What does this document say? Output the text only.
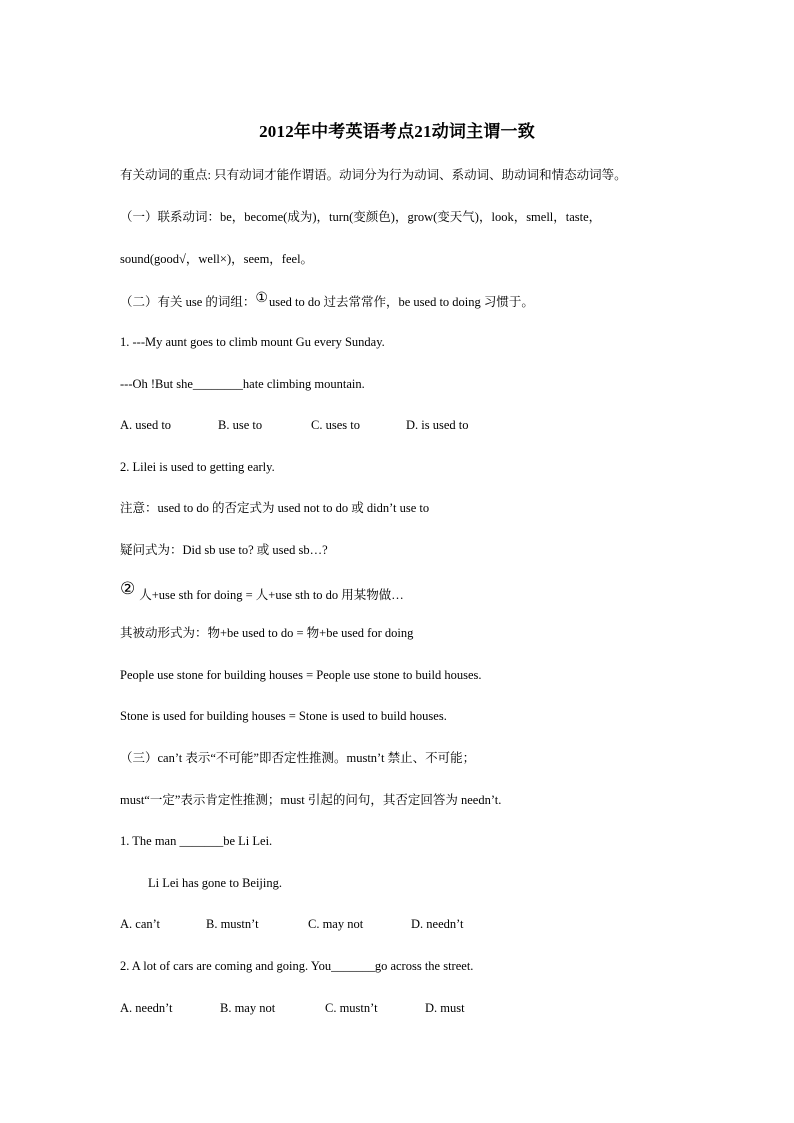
2012年中考英语考点21动词主谓一致
有关动词的重点: 只有动词才能作谓语。动词分为行为动词、系动词、助动词和情态动词等。
（一）联系动词：be，become(成为)，turn(变颜色)，grow(变天气)，look，smell，taste，
sound(good√，well×)，seem，feel。
（二）有关 use 的词组：①used to do 过去常常作，be used to doing 习惯于。
1. ---My aunt goes to climb mount Gu every Sunday.
---Oh !But she________hate climbing mountain.
A. used to	B. use to	C. uses to	D. is used to
2. Lilei is used to getting early.
注意：used to do 的否定式为 used not to do 或 didn’t use to
疑问式为：Did sb use to? 或 used sb…?
② 人+use sth for doing = 人+use sth to do 用某物做…
其被动形式为：物+be used to do = 物+be used for doing
People use stone for building houses = People use stone to build houses.
Stone is used for building houses = Stone is used to build houses.
（三）can’t 表示“不可能”即否定性推测。mustn’t 禁止、不可能；
must“一定”表示肯定性推测；must 引起的问句，其否定回答为 needn’t.
1. The man _______be Li Lei.
Li Lei has gone to Beijing.
A. can’t	B. mustn’t	C. may not	D. needn’t
2. A lot of cars are coming and going. You_______go across the street.
A. needn’t	B. may not	C. mustn’t	D. must
